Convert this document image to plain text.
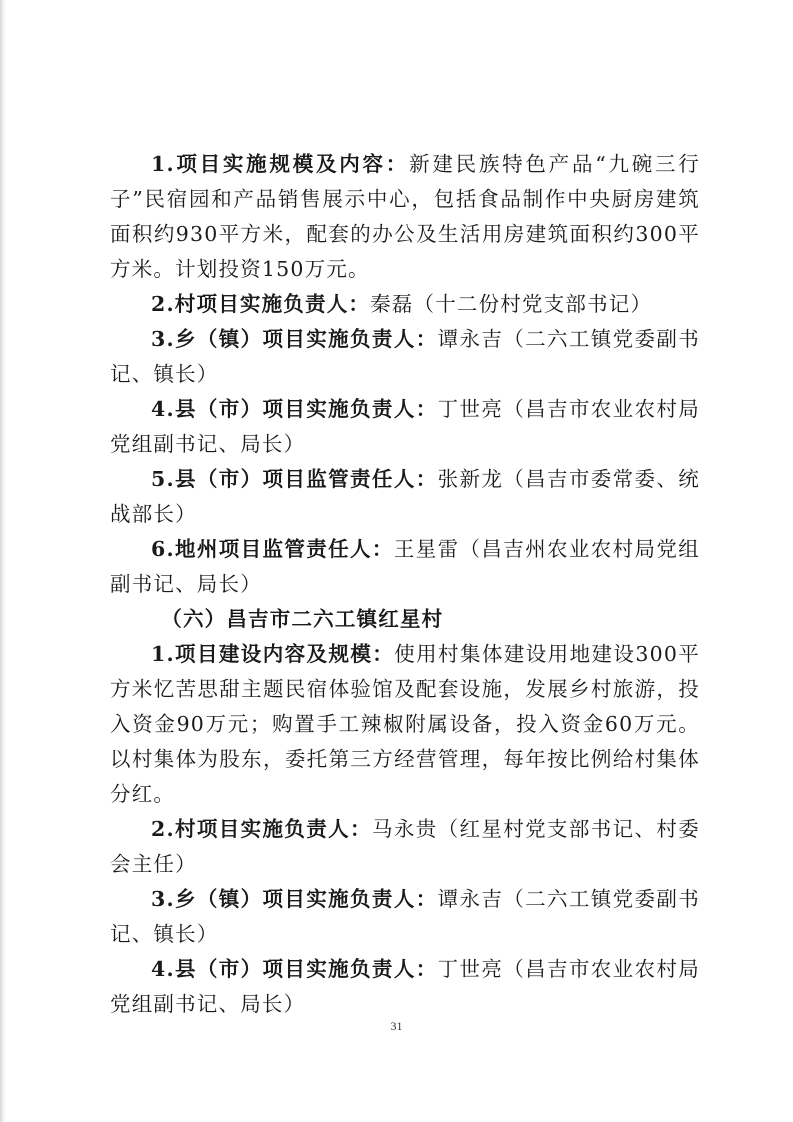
1.项目实施规模及内容：新建民族特色产品“九碗三行子”民宿园和产品销售展示中心，包括食品制作中央厨房建筑面积约930平方米，配套的办公及生活用房建筑面积约300平方米。计划投资150万元。

2.村项目实施负责人：秦磊（十二份村党支部书记）

3.乡（镇）项目实施负责人：谭永吉（二六工镇党委副书记、镇长）

4.县（市）项目实施负责人：丁世亮（昌吉市农业农村局党组副书记、局长）

5.县（市）项目监管责任人：张新龙（昌吉市委常委、统战部长）

6.地州项目监管责任人：王星雷（昌吉州农业农村局党组副书记、局长）

（六）昌吉市二六工镇红星村

1.项目建设内容及规模：使用村集体建设用地建设300平方米忆苦思甜主题民宿体验馆及配套设施，发展乡村旅游，投入资金90万元；购置手工辣椒附属设备，投入资金60万元。以村集体为股东，委托第三方经营管理，每年按比例给村集体分红。

2.村项目实施负责人：马永贵（红星村党支部书记、村委会主任）

3.乡（镇）项目实施负责人：谭永吉（二六工镇党委副书记、镇长）

4.县（市）项目实施负责人：丁世亮（昌吉市农业农村局党组副书记、局长）

31
